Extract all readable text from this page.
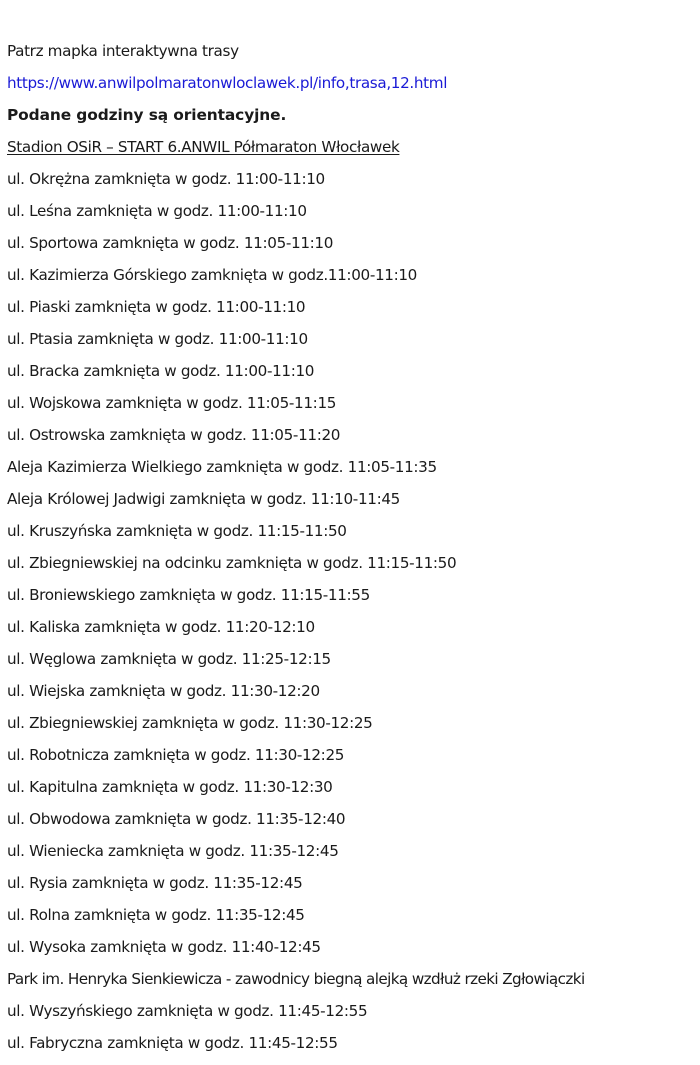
Patrz mapka interaktywna trasy
https://www.anwilpolmaratonwloclawek.pl/info,trasa,12.html
Podane godziny są orientacyjne.
Stadion OSiR – START 6.ANWIL Półmaraton Włocławek
ul. Okrężna zamknięta w godz. 11:00-11:10
ul. Leśna zamknięta w godz. 11:00-11:10
ul. Sportowa zamknięta w godz. 11:05-11:10
ul. Kazimierza Górskiego zamknięta w godz.11:00-11:10
ul. Piaski zamknięta w godz. 11:00-11:10
ul. Ptasia zamknięta w godz. 11:00-11:10
ul. Bracka zamknięta w godz. 11:00-11:10
ul. Wojskowa zamknięta w godz. 11:05-11:15
ul. Ostrowska zamknięta w godz. 11:05-11:20
Aleja Kazimierza Wielkiego zamknięta w godz. 11:05-11:35
Aleja Królowej Jadwigi zamknięta w godz. 11:10-11:45
ul. Kruszyńska zamknięta w godz. 11:15-11:50
ul. Zbiegniewskiej na odcinku zamknięta w godz. 11:15-11:50
ul. Broniewskiego zamknięta w godz. 11:15-11:55
ul. Kaliska zamknięta w godz. 11:20-12:10
ul. Węglowa zamknięta w godz. 11:25-12:15
ul. Wiejska zamknięta w godz. 11:30-12:20
ul. Zbiegniewskiej zamknięta w godz. 11:30-12:25
ul. Robotnicza zamknięta w godz. 11:30-12:25
ul. Kapitulna zamknięta w godz. 11:30-12:30
ul. Obwodowa zamknięta w godz. 11:35-12:40
ul. Wieniecka zamknięta w godz. 11:35-12:45
ul. Rysia zamknięta w godz. 11:35-12:45
ul. Rolna zamknięta w godz. 11:35-12:45
ul. Wysoka zamknięta w godz. 11:40-12:45
Park im. Henryka Sienkiewicza - zawodnicy biegną alejką wzdłuż rzeki Zgłowiączki
ul. Wyszyńskiego zamknięta w godz. 11:45-12:55
ul. Fabryczna zamknięta w godz. 11:45-12:55
